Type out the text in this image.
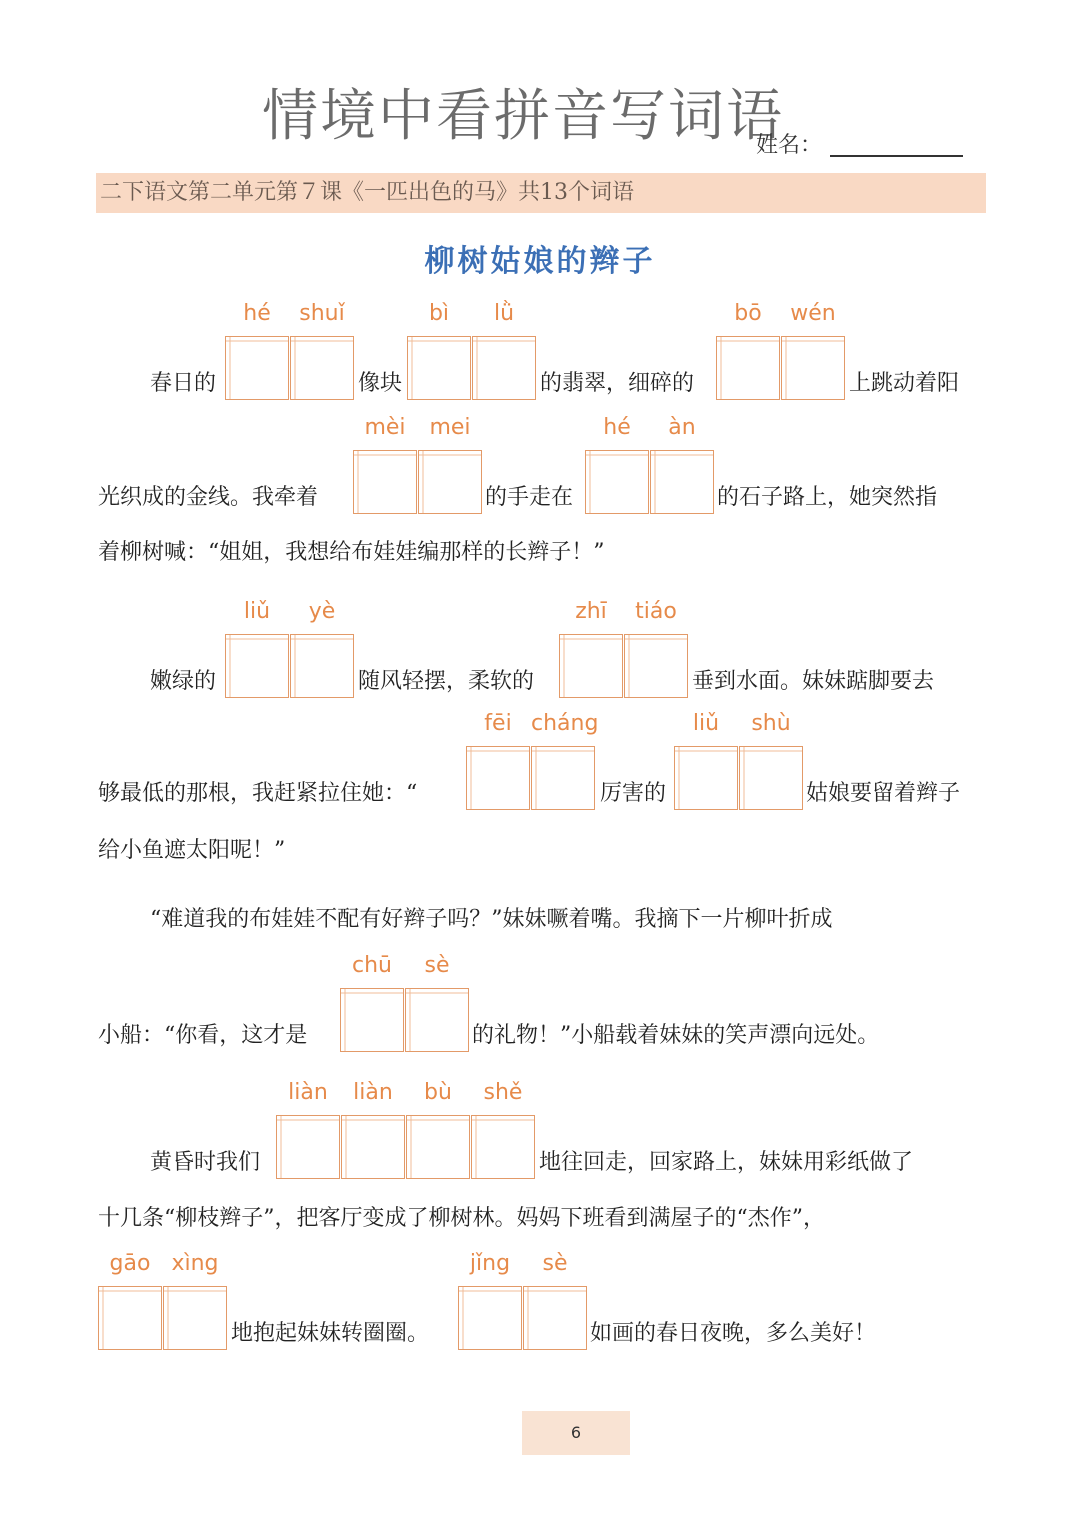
情境中看拼音写词语
姓名：
二下语文第二单元第７课《一匹出色的马》共13个词语
柳树姑娘的辫子
hé	shuǐ	bì	lǜ	bō	wén
春日的	像块	的翡翠，细碎的	上跳动着阳
mèi	mei	hé	àn
光织成的金线。我牵着	的手走在	的石子路上，她突然指
着柳树喊：“姐姐，我想给布娃娃编那样的长辫子！”
liǔ	yè	zhī	tiáo
嫩绿的	随风轻摆，柔软的	垂到水面。妹妹踮脚要去
fēi cháng	liǔ	shù
够最低的那根，我赶紧拉住她：“	厉害的	姑娘要留着辫子
给小鱼遮太阳呢！”
“难道我的布娃娃不配有好辫子吗？”妹妹噘着嘴。我摘下一片柳叶折成
chū	sè
小船：“你看，这才是	的礼物！”小船载着妹妹的笑声漂向远处。
liàn	liàn	bù	shě
黄昏时我们	地往回走，回家路上，妹妹用彩纸做了
十几条“柳枝辫子”，把客厅变成了柳树林。妈妈下班看到满屋子的“杰作”，
gāo xìng	jǐng	sè
地抱起妹妹转圈圈。	如画的春日夜晚，多么美好！
6
